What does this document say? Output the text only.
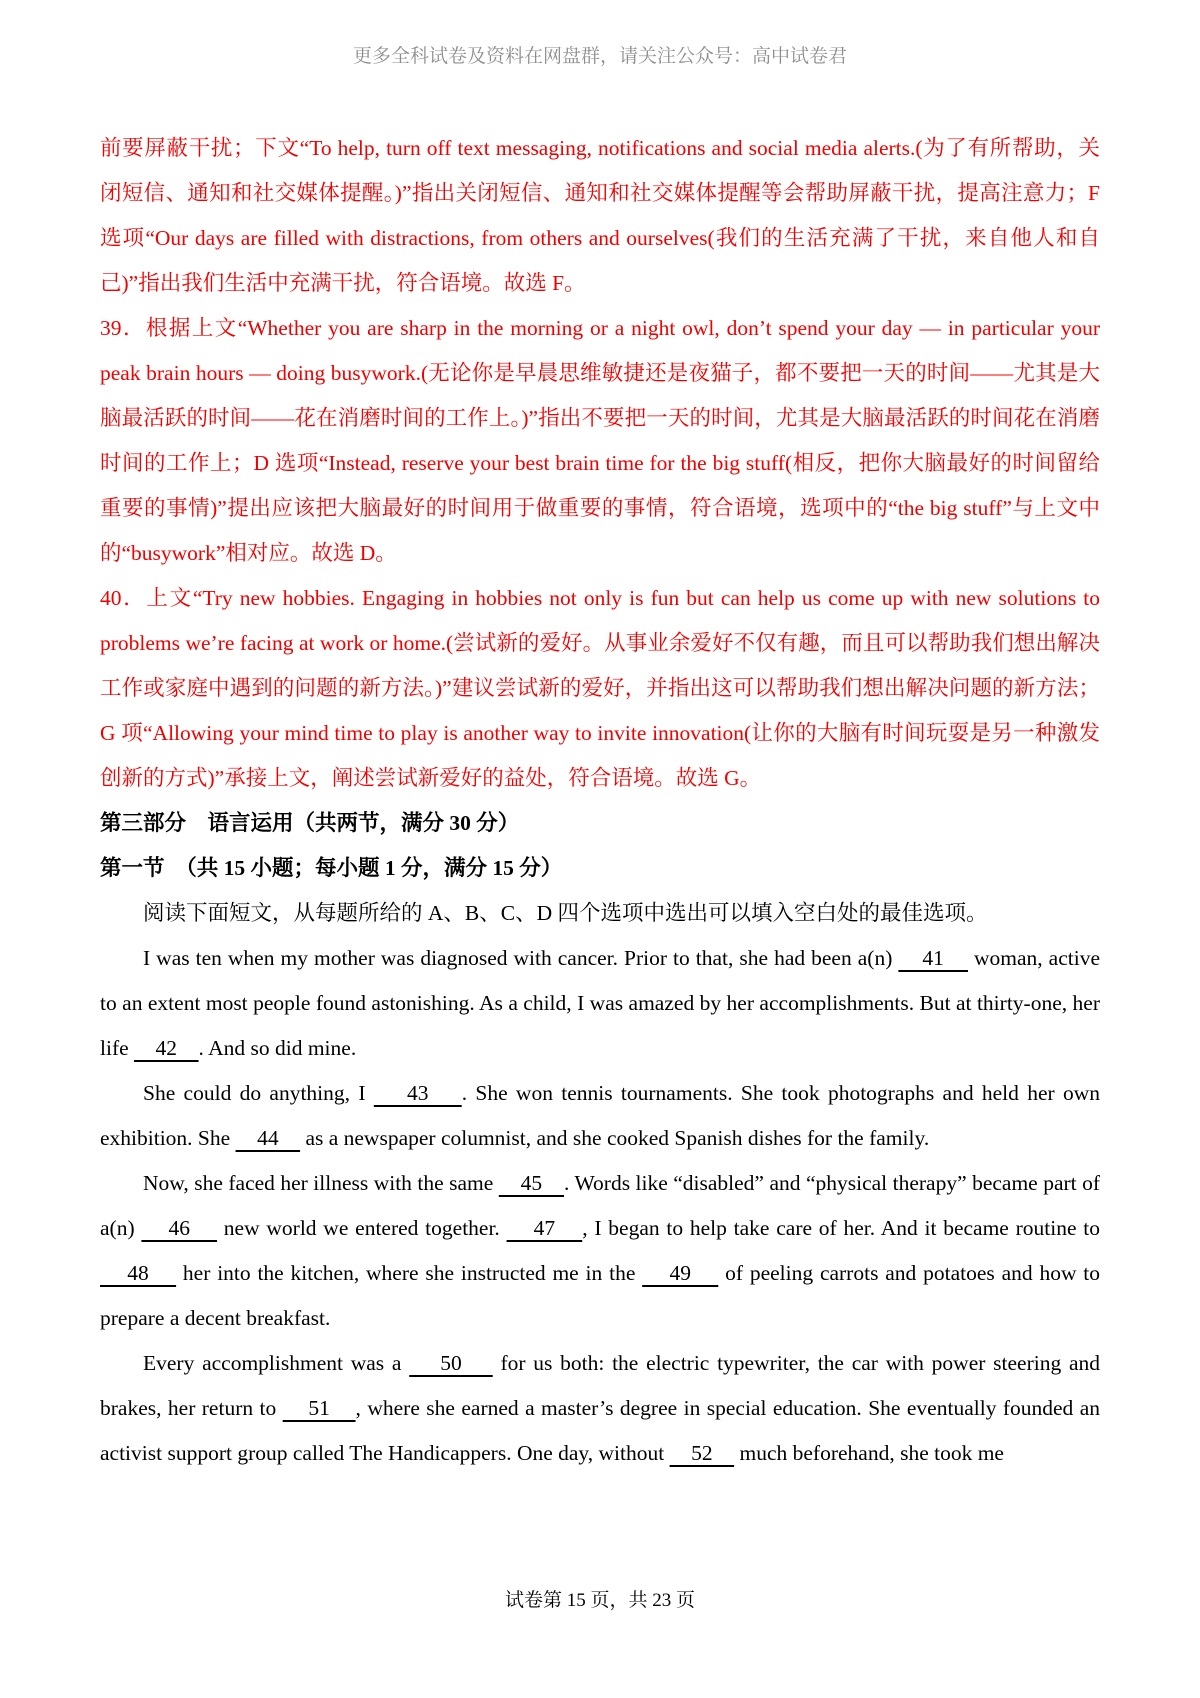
更多全科试卷及资料在网盘群，请关注公众号：高中试卷君

前要屏蔽干扰；下文“To help, turn off text messaging, notifications and social media alerts.(为了有所帮助，关闭短信、通知和社交媒体提醒。)”指出关闭短信、通知和社交媒体提醒等会帮助屏蔽干扰，提高注意力；F 选项“Our days are filled with distractions, from others and ourselves(我们的生活充满了干扰，来自他人和自己)”指出我们生活中充满干扰，符合语境。故选 F。

39．根据上文“Whether you are sharp in the morning or a night owl, don’t spend your day — in particular your peak brain hours — doing busywork.(无论你是早晨思维敏捷还是夜猫子，都不要把一天的时间——尤其是大脑最活跃的时间——花在消磨时间的工作上。)”指出不要把一天的时间，尤其是大脑最活跃的时间花在消磨时间的工作上；D 选项“Instead, reserve your best brain time for the big stuff(相反，把你大脑最好的时间留给重要的事情)”提出应该把大脑最好的时间用于做重要的事情，符合语境，选项中的“the big stuff”与上文中的“busywork”相对应。故选 D。

40．上文“Try new hobbies. Engaging in hobbies not only is fun but can help us come up with new solutions to problems we’re facing at work or home.(尝试新的爱好。从事业余爱好不仅有趣，而且可以帮助我们想出解决工作或家庭中遇到的问题的新方法。)”建议尝试新的爱好，并指出这可以帮助我们想出解决问题的新方法；G 项“Allowing your mind time to play is another way to invite innovation(让你的大脑有时间玩耍是另一种激发创新的方式)”承接上文，阐述尝试新爱好的益处，符合语境。故选 G。

第三部分　语言运用（共两节，满分 30 分）

第一节　（共 15 小题；每小题 1 分，满分 15 分）

阅读下面短文，从每题所给的 A、B、C、D 四个选项中选出可以填入空白处的最佳选项。

I was ten when my mother was diagnosed with cancer. Prior to that, she had been a(n)     41     woman, active to an extent most people found astonishing. As a child, I was amazed by her accomplishments. But at thirty-one, her life     42    . And so did mine.

She could do anything, I     43    . She won tennis tournaments. She took photographs and held her own exhibition. She     44     as a newspaper columnist, and she cooked Spanish dishes for the family.

Now, she faced her illness with the same     45    . Words like “disabled” and “physical therapy” became part of a(n)     46     new world we entered together.     47    , I began to help take care of her. And it became routine to     48     her into the kitchen, where she instructed me in the     49     of peeling carrots and potatoes and how to prepare a decent breakfast.

Every accomplishment was a     50     for us both: the electric typewriter, the car with power steering and brakes, her return to     51    , where she earned a master’s degree in special education. She eventually founded an activist support group called The Handicappers. One day, without     52     much beforehand, she took me

试卷第 15 页，共 23 页
